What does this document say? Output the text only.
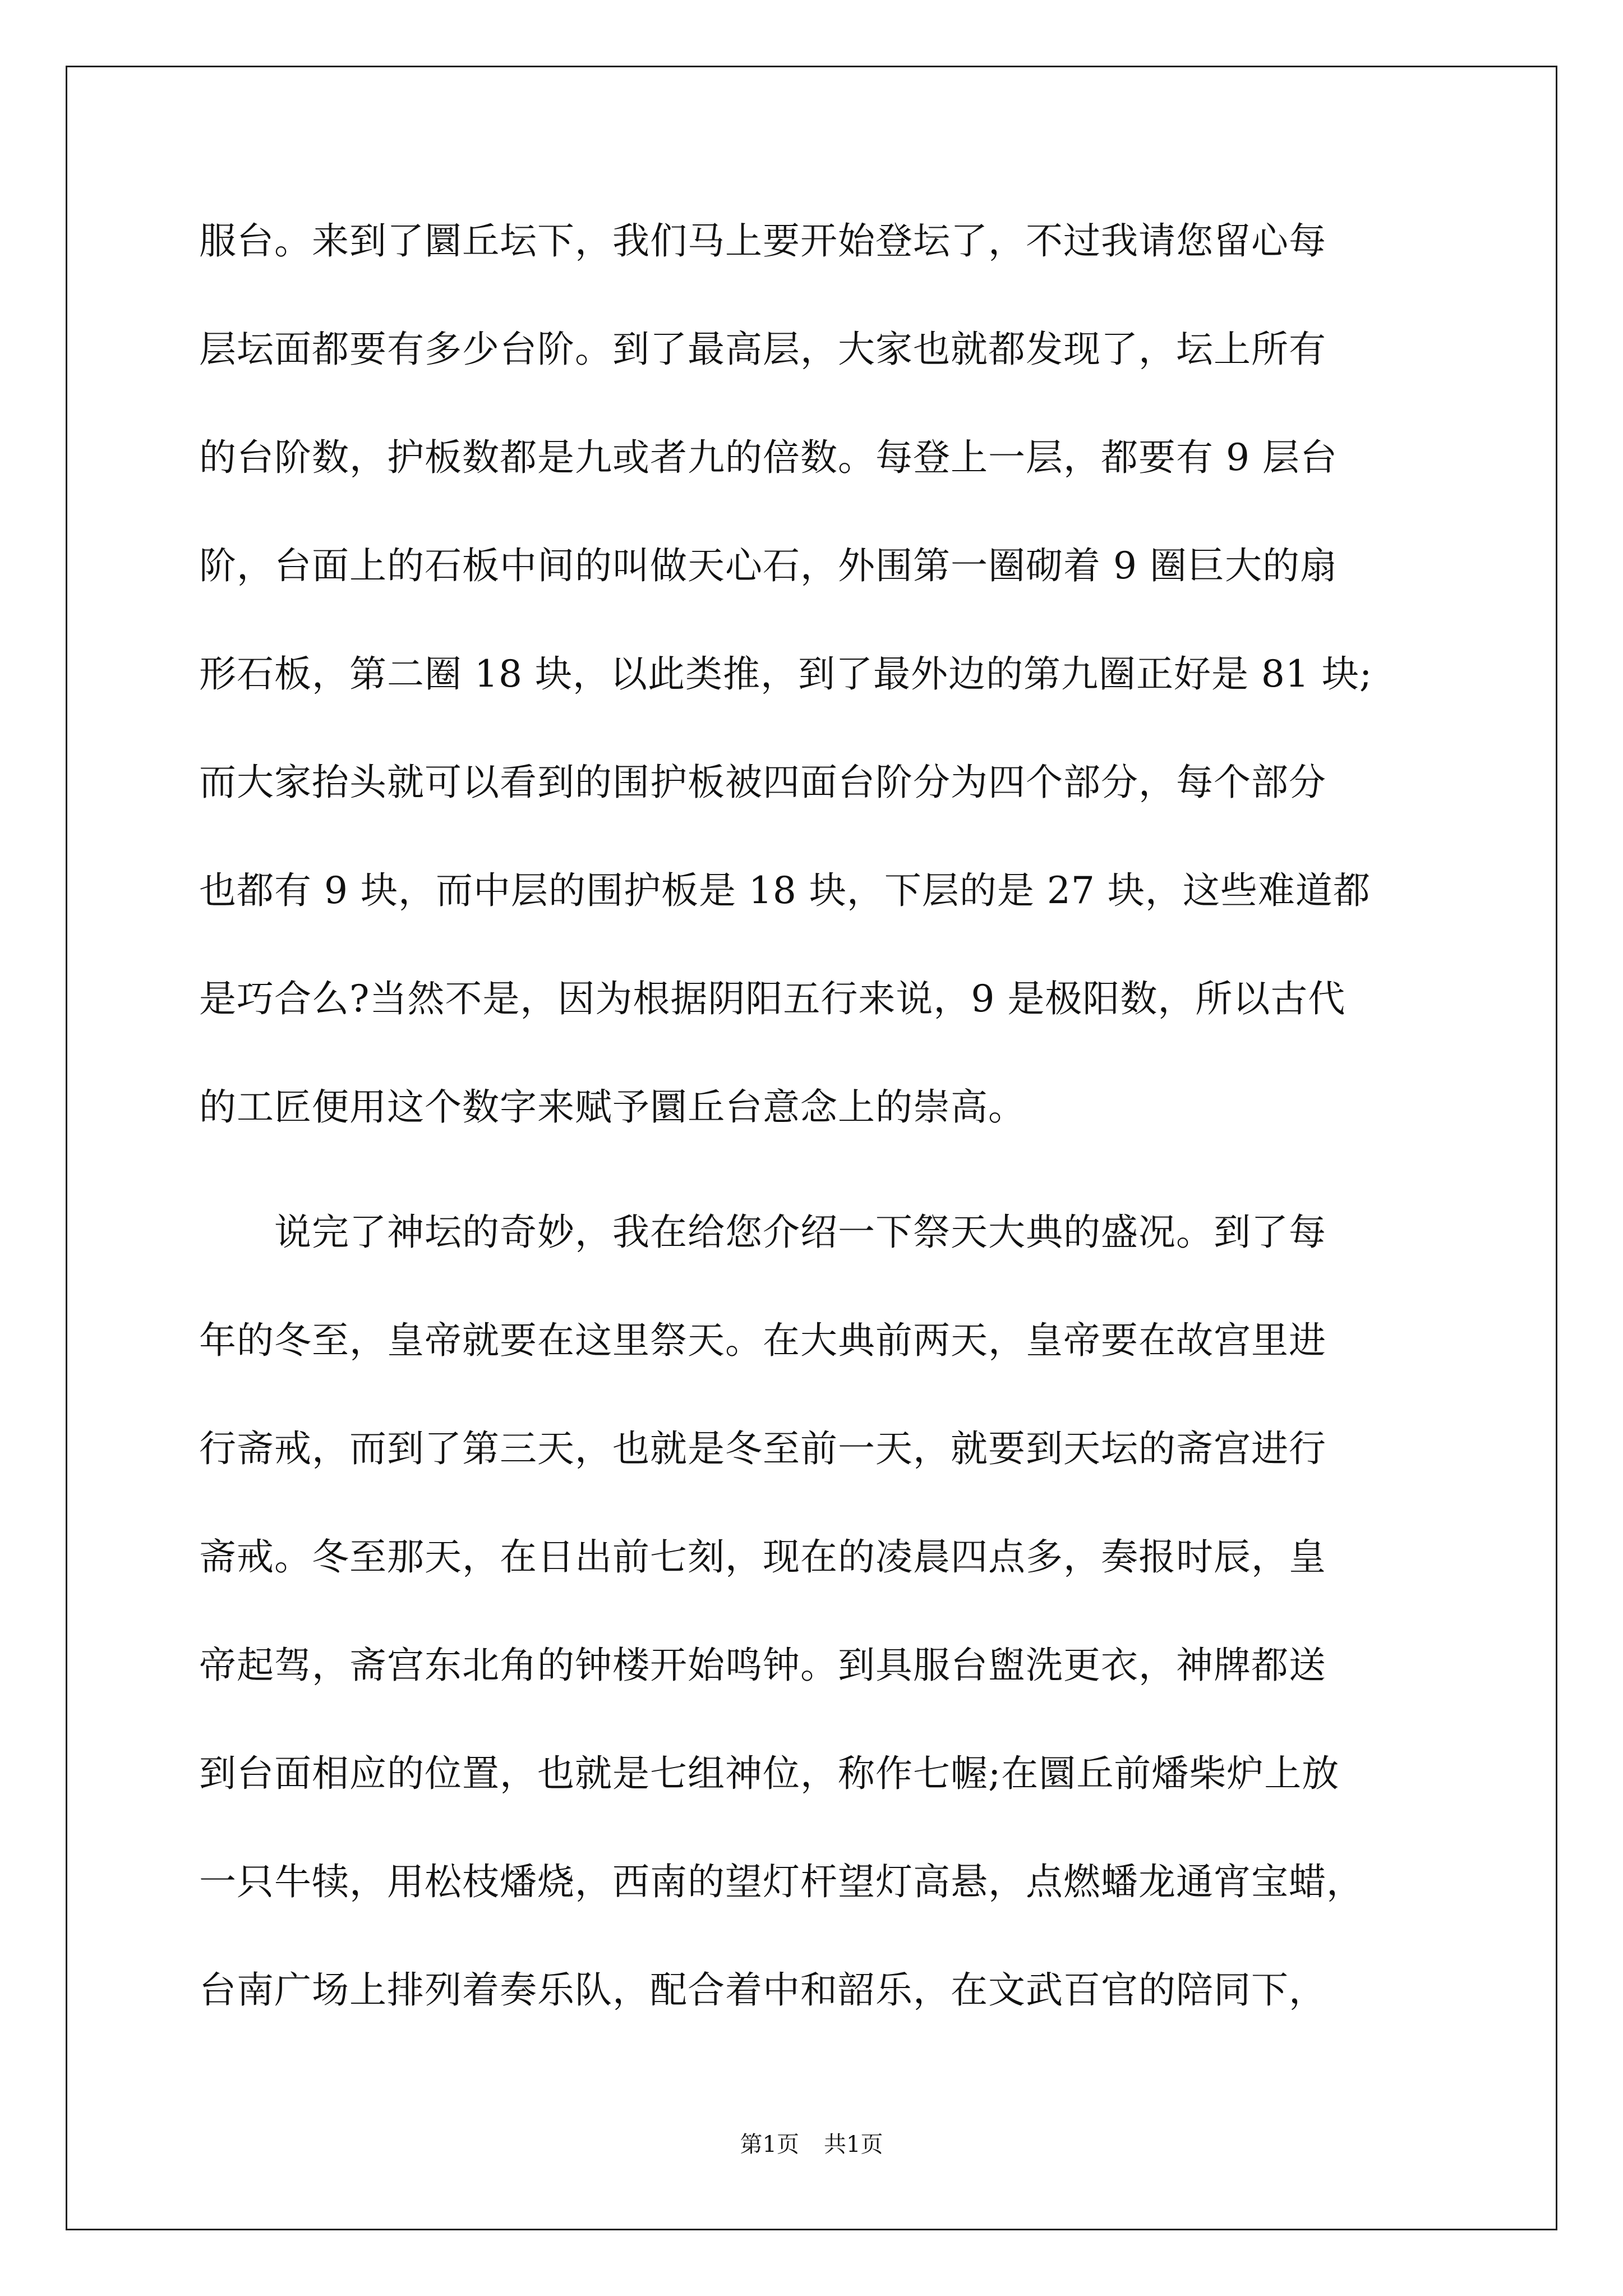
服台。来到了圜丘坛下，我们马上要开始登坛了，不过我请您留心每
层坛面都要有多少台阶。到了最高层，大家也就都发现了，坛上所有
的台阶数，护板数都是九或者九的倍数。每登上一层，都要有 9 层台
阶，台面上的石板中间的叫做天心石，外围第一圈砌着 9 圈巨大的扇
形石板，第二圈 18 块，以此类推，到了最外边的第九圈正好是 81 块;
而大家抬头就可以看到的围护板被四面台阶分为四个部分，每个部分
也都有 9 块，而中层的围护板是 18 块，下层的是 27 块，这些难道都
是巧合么?当然不是，因为根据阴阳五行来说，9 是极阳数，所以古代
的工匠便用这个数字来赋予圜丘台意念上的崇高。
说完了神坛的奇妙，我在给您介绍一下祭天大典的盛况。到了每
年的冬至，皇帝就要在这里祭天。在大典前两天，皇帝要在故宫里进
行斋戒，而到了第三天，也就是冬至前一天，就要到天坛的斋宫进行
斋戒。冬至那天，在日出前七刻，现在的凌晨四点多，奏报时辰，皇
帝起驾，斋宫东北角的钟楼开始鸣钟。到具服台盥洗更衣，神牌都送
到台面相应的位置，也就是七组神位，称作七幄;在圜丘前燔柴炉上放
一只牛犊，用松枝燔烧，西南的望灯杆望灯高悬，点燃蟠龙通宵宝蜡，
台南广场上排列着奏乐队，配合着中和韶乐，在文武百官的陪同下，
第1页 共1页
